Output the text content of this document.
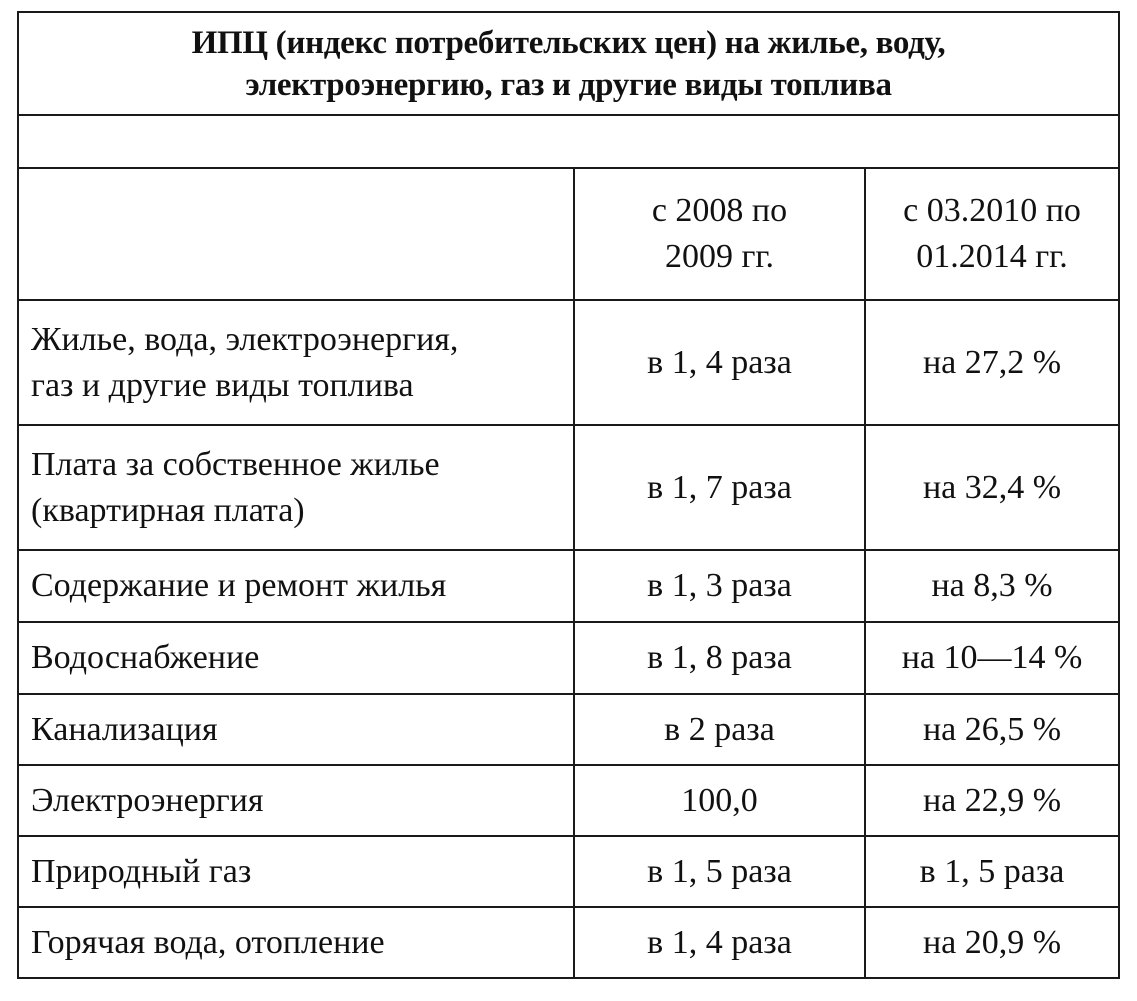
ИПЦ (индекс потребительских цен) на жилье, воду,
электроэнергию, газ и другие виды топлива		

	с 2008 по
2009 гг.	с 03.2010 по
01.2014 гг.

Жилье, вода, электроэнергия,
газ и другие виды топлива	в 1, 4 раза	на 27,2 %

Плата за собственное жилье
(квартирная плата)	в 1, 7 раза	на 32,4 %
Содержание и ремонт жилья	в 1, 3 раза	на 8,3 %
Водоснабжение	в 1, 8 раза	на 10—14 %
Канализация	в 2 раза	на 26,5 %
Электроэнергия	100,0	на 22,9 %
Природный газ	в 1, 5 раза	в 1, 5 раза
Горячая вода, отопление	в 1, 4 раза	на 20,9 %
